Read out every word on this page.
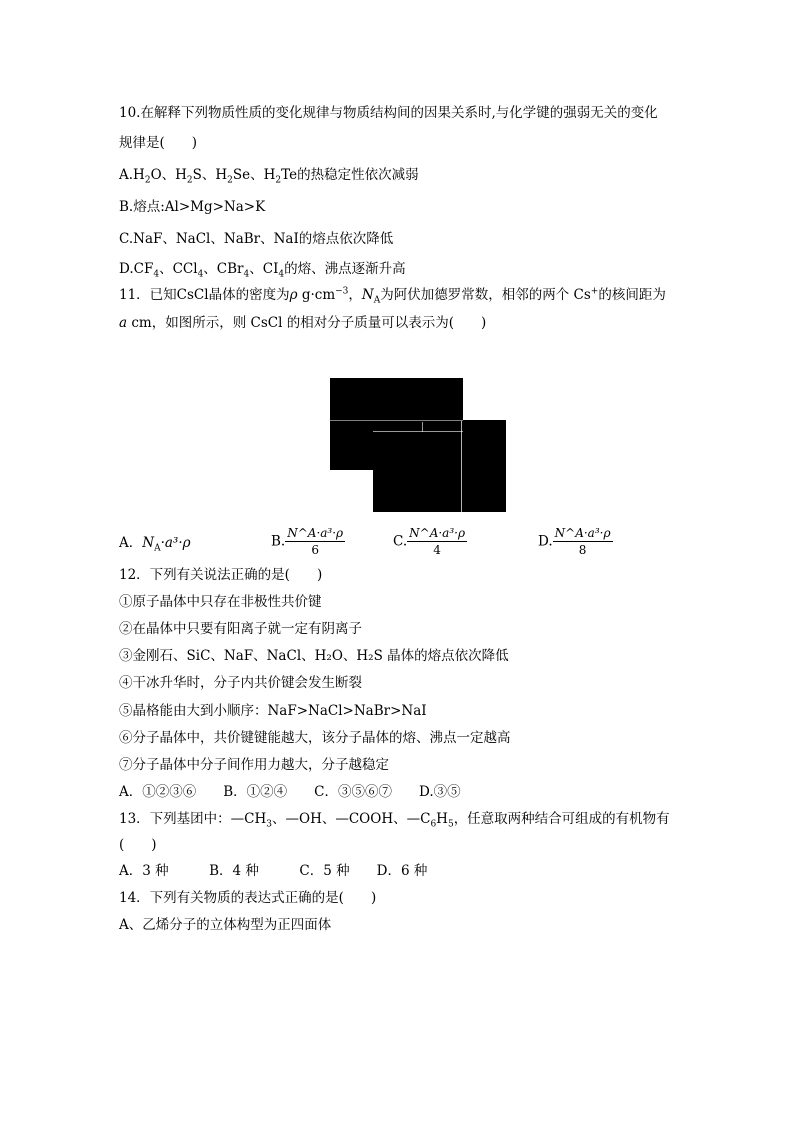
10.在解释下列物质性质的变化规律与物质结构间的因果关系时,与化学键的强弱无关的变化
规律是(　　)
$A.H_2O$、$H_2S$、$H_2Se$、$H_2Te$的热稳定性依次减弱
B.熔点:Al>Mg>Na>K
C.NaF、NaCl、NaBr、NaI的熔点依次降低
$D.CF_4$、CCl$_4$、CBr$_4$、$CI_4$的熔、沸点逐渐升高
11．已知CsCl晶体的密度为ρ $g\cdot cm^{-3}$，$N_A$为阿伏加德罗常数，相邻的两个 Cs+的核间距为
a cm，如图所示，则 CsCl 的相对分子质量可以表示为(　　)
A．$N_A\cdot a^3\cdot\rho$	B. $\frac{\text{N\textasciicircum{}A·a³·ρ}}{6}$	C. $\frac{\text{N\textasciicircum{}A·a³·ρ}}{4}$	D. $\frac{\text{N\textasciicircum{}A·a³·ρ}}{8}$
12．下列有关说法正确的是(　　)
①原子晶体中只存在非极性共价键
②在晶体中只要有阳离子就一定有阴离子
③金刚石、SiC、NaF、NaCl、H₂O、H₂S 晶体的熔点依次降低
④干冰升华时，分子内共价键会发生断裂
⑤晶格能由大到小顺序：NaF>NaCl>NaBr>NaI
⑥分子晶体中，共价键键能越大，该分子晶体的熔、沸点一定越高
⑦分子晶体中分子间作用力越大，分子越稳定
A．①②③⑥　　B．①②④　　C．③⑤⑥⑦　　D.③⑤
13．下列基团中：$—CH_3$、—OH、—COOH、$—C_6H_5$，任意取两种结合可组成的有机物有
(　　)
A．3 种　　　B．4 种　　　C．5 种　　D．6 种
14．下列有关物质的表达式正确的是(　　)
A、乙烯分子的立体构型为正四面体
